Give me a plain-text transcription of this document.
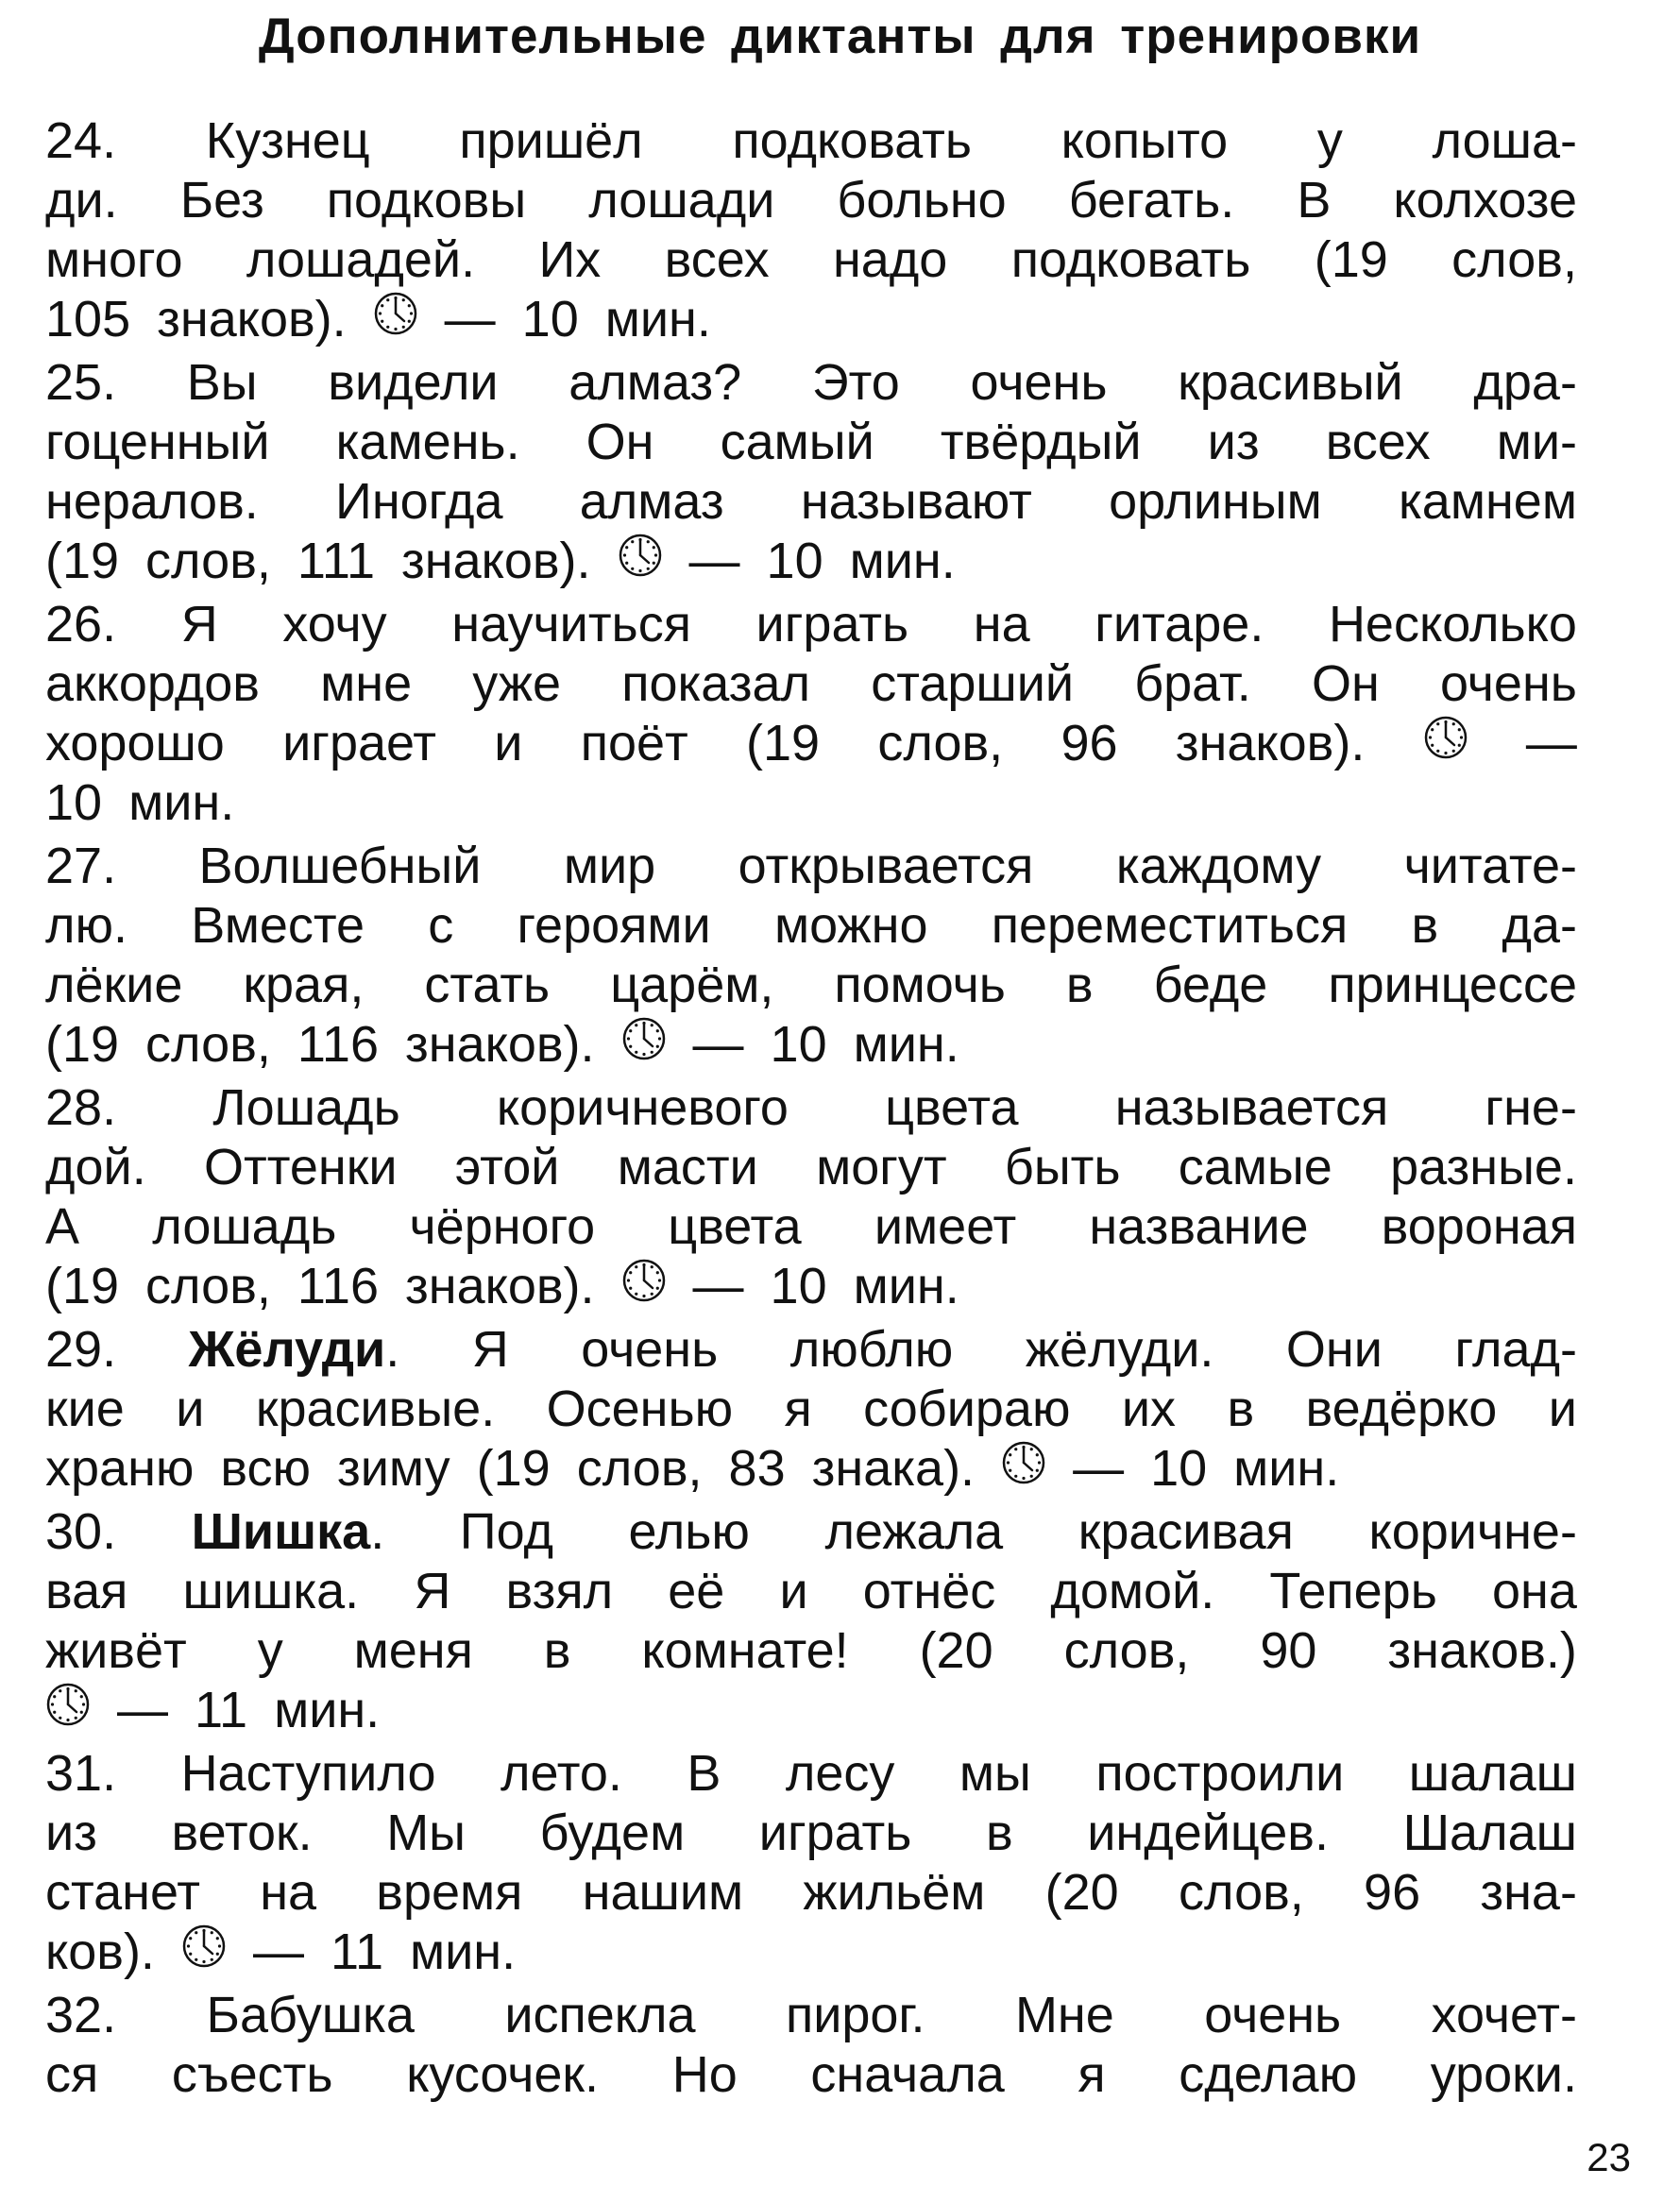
Дополнительные диктанты для тренировки
24. Кузнец пришёл подковать копыто у лоша-
ди. Без подковы лошади больно бегать. В колхозе
много лошадей. Их всех надо подковать (19 слов,
105 знаков). — 10 мин.
25. Вы видели алмаз? Это очень красивый дра-
гоценный камень. Он самый твёрдый из всех ми-
нералов. Иногда алмаз называют орлиным камнем
(19 слов, 111 знаков). — 10 мин.
26. Я хочу научиться играть на гитаре. Несколько
аккордов мне уже показал старший брат. Он очень
хорошо играет и поёт (19 слов, 96 знаков).	—
10 мин.
27. Волшебный мир открывается каждому читате-
лю. Вместе с героями можно переместиться в да-
лёкие края, стать царём, помочь в беде принцессе
(19 слов, 116 знаков). — 10 мин.
28. Лошадь коричневого цвета называется гне-
дой. Оттенки этой масти могут быть самые разные.
А лошадь чёрного цвета имеет название вороная
(19 слов, 116 знаков). — 10 мин.
29. Жёлуди. Я очень люблю жёлуди. Они глад-
кие и красивые. Осенью я собираю их в ведёрко и
храню всю зиму (19 слов, 83 знака). — 10 мин.
30. Шишка. Под елью лежала красивая коричне-
вая шишка. Я взял её и отнёс домой. Теперь она
живёт у меня в комнате! (20 слов, 90 знаков.)
— 11 мин.
31. Наступило лето. В лесу мы построили шалаш
из веток. Мы будем играть в индейцев. Шалаш
станет на время нашим жильём (20 слов, 96 зна-
ков). — 11 мин.
32. Бабушка испекла пирог. Мне очень хочет-
ся съесть кусочек. Но сначала я сделаю уроки.
23
